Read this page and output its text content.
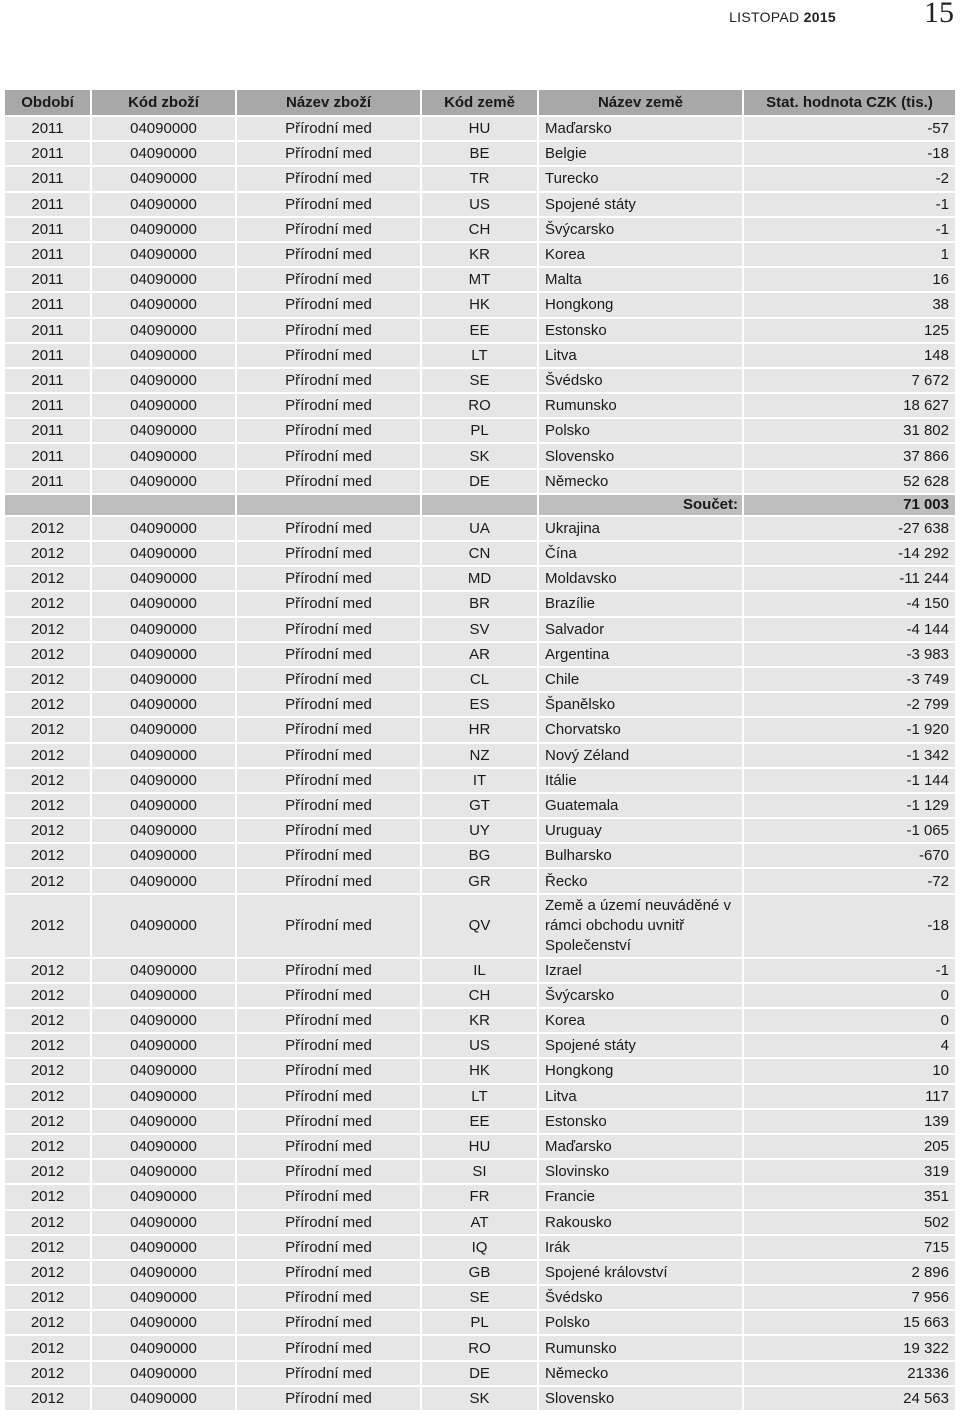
LISTOPAD 2015	15
Období	Kód zboží	Název zboží	Kód země	Název země	Stat. hodnota CZK (tis.)
2011	04090000	Přírodní med	HU	Maďarsko	-57
2011	04090000	Přírodní med	BE	Belgie	-18
2011	04090000	Přírodní med	TR	Turecko	-2
2011	04090000	Přírodní med	US	Spojené státy	-1
2011	04090000	Přírodní med	CH	Švýcarsko	-1
2011	04090000	Přírodní med	KR	Korea	1
2011	04090000	Přírodní med	MT	Malta	16
2011	04090000	Přírodní med	HK	Hongkong	38
2011	04090000	Přírodní med	EE	Estonsko	125
2011	04090000	Přírodní med	LT	Litva	148
2011	04090000	Přírodní med	SE	Švédsko	7 672
2011	04090000	Přírodní med	RO	Rumunsko	18 627
2011	04090000	Přírodní med	PL	Polsko	31 802
2011	04090000	Přírodní med	SK	Slovensko	37 866
2011	04090000	Přírodní med	DE	Německo	52 628
				Součet:	71 003
2012	04090000	Přírodní med	UA	Ukrajina	-27 638
2012	04090000	Přírodní med	CN	Čína	-14 292
2012	04090000	Přírodní med	MD	Moldavsko	-11 244
2012	04090000	Přírodní med	BR	Brazílie	-4 150
2012	04090000	Přírodní med	SV	Salvador	-4 144
2012	04090000	Přírodní med	AR	Argentina	-3 983
2012	04090000	Přírodní med	CL	Chile	-3 749
2012	04090000	Přírodní med	ES	Španělsko	-2 799
2012	04090000	Přírodní med	HR	Chorvatsko	-1 920
2012	04090000	Přírodní med	NZ	Nový Zéland	-1 342
2012	04090000	Přírodní med	IT	Itálie	-1 144
2012	04090000	Přírodní med	GT	Guatemala	-1 129
2012	04090000	Přírodní med	UY	Uruguay	-1 065
2012	04090000	Přírodní med	BG	Bulharsko	-670
2012	04090000	Přírodní med	GR	Řecko	-72
2012	04090000	Přírodní med	QV	Země a území neuváděné v rámci obchodu uvnitř Společenství	-18
2012	04090000	Přírodní med	IL	Izrael	-1
2012	04090000	Přírodní med	CH	Švýcarsko	0
2012	04090000	Přírodní med	KR	Korea	0
2012	04090000	Přírodní med	US	Spojené státy	4
2012	04090000	Přírodní med	HK	Hongkong	10
2012	04090000	Přírodní med	LT	Litva	117
2012	04090000	Přírodní med	EE	Estonsko	139
2012	04090000	Přírodní med	HU	Maďarsko	205
2012	04090000	Přírodní med	SI	Slovinsko	319
2012	04090000	Přírodní med	FR	Francie	351
2012	04090000	Přírodní med	AT	Rakousko	502
2012	04090000	Přírodní med	IQ	Irák	715
2012	04090000	Přírodní med	GB	Spojené království	2 896
2012	04090000	Přírodní med	SE	Švédsko	7 956
2012	04090000	Přírodní med	PL	Polsko	15 663
2012	04090000	Přírodní med	RO	Rumunsko	19 322
2012	04090000	Přírodní med	DE	Německo	21336
2012	04090000	Přírodní med	SK	Slovensko	24 563
